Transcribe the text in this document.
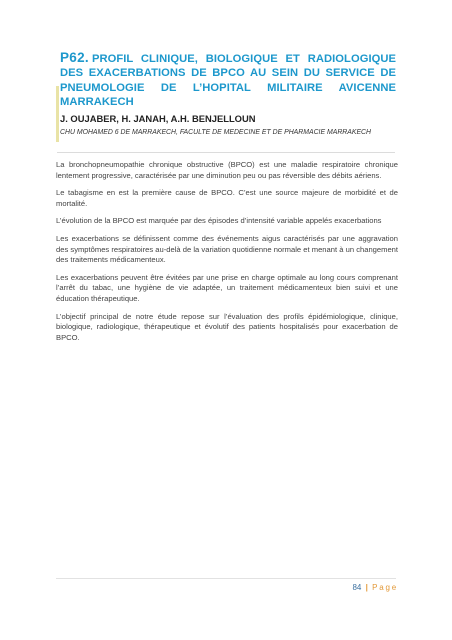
P62. PROFIL CLINIQUE, BIOLOGIQUE ET RADIOLOGIQUE DES EXACERBATIONS DE BPCO AU SEIN DU SERVICE DE PNEUMOLOGIE DE L’HOPITAL MILITAIRE AVICENNE MARRAKECH

J. OUJABER, H. JANAH, A.H. BENJELLOUN

CHU MOHAMED 6 DE MARRAKECH, FACULTE DE MEDECINE ET DE PHARMACIE MARRAKECH

La bronchopneumopathie chronique obstructive (BPCO) est une maladie respiratoire chronique lentement progressive, caractérisée par une diminution peu ou pas réversible des débits aériens.

Le tabagisme en est la première cause de BPCO. C’est une source majeure de morbidité et de mortalité.

L’évolution de la BPCO est marquée par des épisodes d’intensité variable appelés exacerbations

Les exacerbations se définissent comme des événements aigus caractérisés par une aggravation des symptômes respiratoires au-delà de la variation quotidienne normale et menant à un changement des traitements médicamenteux.

Les exacerbations peuvent être évitées par une prise en charge optimale au long cours comprenant l’arrêt du tabac, une hygiène de vie adaptée, un traitement médicamenteux bien suivi et une éducation thérapeutique.

L’objectif principal de notre étude repose sur l’évaluation des profils épidémiologique, clinique, biologique, radiologique, thérapeutique et évolutif des patients hospitalisés pour exacerbation de BPCO.

84 | Page
